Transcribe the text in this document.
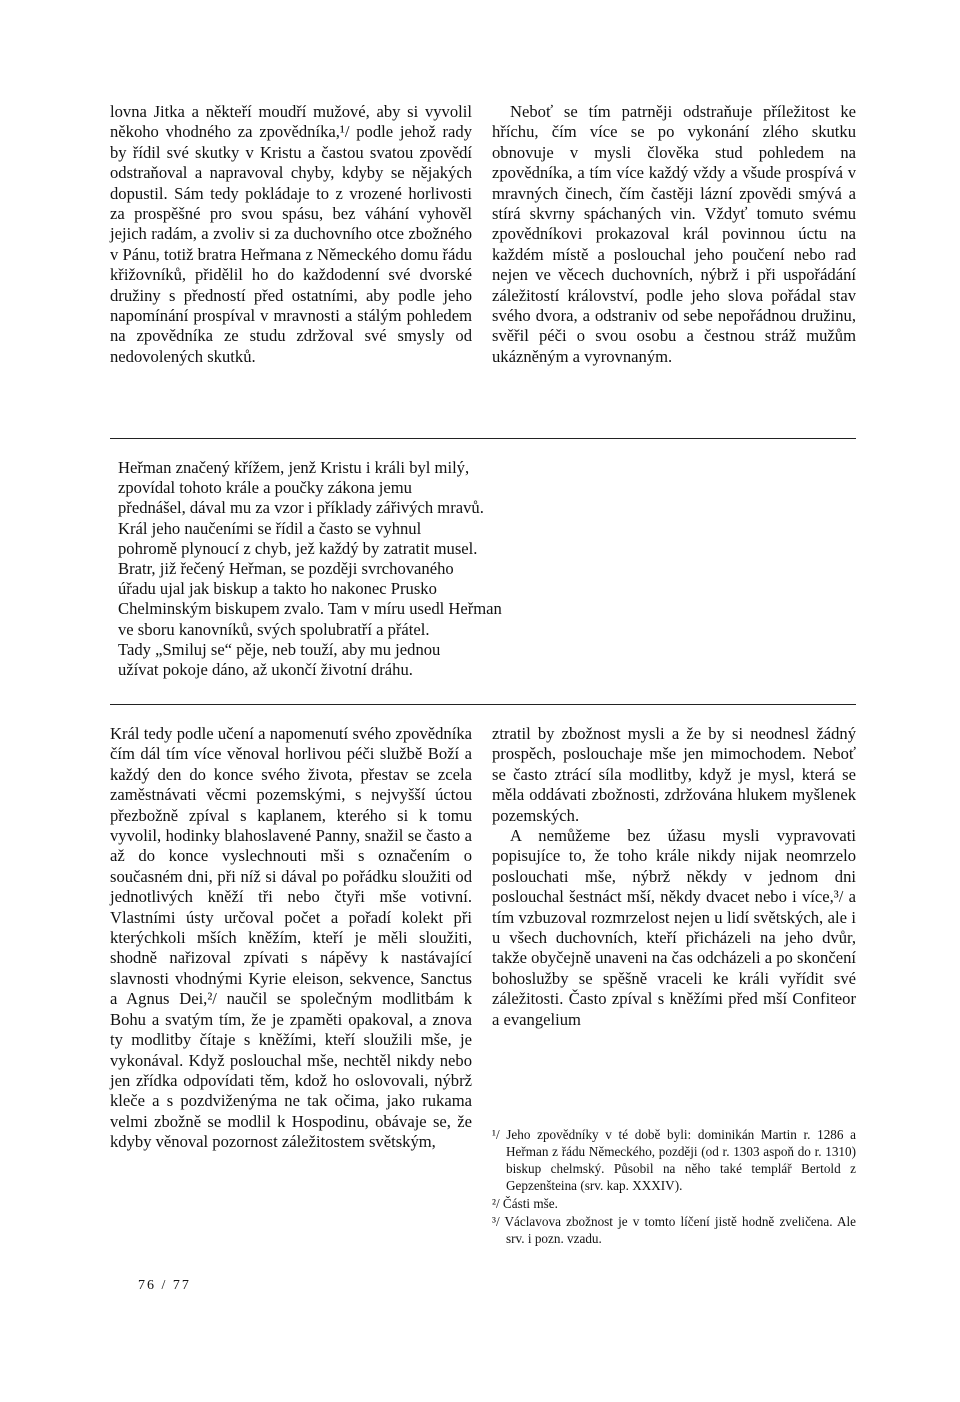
lovna Jitka a někteří moudří mužové, aby si vyvolil někoho vhodného za zpovědníka,¹/ podle jehož rady by řídil své skutky v Kristu a častou svatou zpovědí odstraňoval a napravoval chyby, kdyby se nějakých dopustil. Sám tedy pokládaje to z vrozené horlivosti za prospěšné pro svou spásu, bez váhání vyhověl jejich radám, a zvoliv si za duchovního otce zbožného v Pánu, totiž bratra Heřmana z Německého domu řádu křižovníků, přidělil ho do každodenní své dvorské družiny s předností před ostatními, aby podle jeho napomínání prospíval v mravnosti a stálým pohledem na zpovědníka ze studu zdržoval své smysly od nedovolených skutků.

Neboť se tím patrněji odstraňuje příležitost ke hříchu, čím více se po vykonání zlého skutku obnovuje v mysli člověka stud pohledem na zpovědníka, a tím více každý vždy a všude prospívá v mravných činech, čím častěji lázní zpovědi smývá a stírá skvrny spáchaných vin. Vždyť tomuto svému zpovědníkovi prokazoval král povinnou úctu na každém místě a poslouchal jeho poučení nebo rad nejen ve věcech duchovních, nýbrž i při uspořádání záležitostí království, podle jeho slova pořádal stav svého dvora, a odstraniv od sebe nepořádnou družinu, svěřil péči o svou osobu a čestnou stráž mužům ukázněným a vyrovnaným.

Heřman značený křížem, jenž Kristu i králi byl milý,
zpovídal tohoto krále a poučky zákona jemu
přednášel, dával mu za vzor i příklady zářivých mravů.
Král jeho naučeními se řídil a často se vyhnul
pohromě plynoucí z chyb, jež každý by zatratit musel.
Bratr, již řečený Heřman, se později svrchovaného
úřadu ujal jak biskup a takto ho nakonec Prusko
Chelminským biskupem zvalo. Tam v míru usedl Heřman
ve sboru kanovníků, svých spolubratří a přátel.
Tady „Smiluj se“ pěje, neb touží, aby mu jednou
užívat pokoje dáno, až ukončí životní dráhu.

Král tedy podle učení a napomenutí svého zpovědníka čím dál tím více věnoval horlivou péči službě Boží a každý den do konce svého života, přestav se zcela zaměstnávati věcmi pozemskými, s nejvyšší úctou přezbožně zpíval s kaplanem, kterého si k tomu vyvolil, hodinky blahoslavené Panny, snažil se často a až do konce vyslechnouti mši s označením o současném dni, při níž si dával po pořádku sloužiti od jednotlivých kněží tři nebo čtyři mše votivní. Vlastními ústy určoval počet a pořadí kolekt při kterýchkoli mších kněžím, kteří je měli sloužiti, shodně nařizoval zpívati s nápěvy k nastávající slavnosti vhodnými Kyrie eleison, sekvence, Sanctus a Agnus Dei,²/ naučil se společným modlitbám k Bohu a svatým tím, že je zpaměti opakoval, a znova ty modlitby čítaje s kněžími, kteří sloužili mše, je vykonával. Když poslouchal mše, nechtěl nikdy nebo jen zřídka odpovídati těm, kdož ho oslovovali, nýbrž kleče a s pozdviženýma ne tak očima, jako rukama velmi zbožně se modlil k Hospodinu, obávaje se, že kdyby věnoval pozornost záležitostem světským,

ztratil by zbožnost mysli a že by si neodnesl žádný prospěch, poslouchaje mše jen mimochodem. Neboť se často ztrácí síla modlitby, když je mysl, která se měla oddávati zbožnosti, zdržována hlukem myšlenek pozemských.

A nemůžeme bez úžasu mysli vypravovati popisujíce to, že toho krále nikdy nijak neomrzelo poslouchati mše, nýbrž někdy v jednom dni poslouchal šestnáct mší, někdy dvacet nebo i více,³/ a tím vzbuzoval rozmrzelost nejen u lidí světských, ale i u všech duchovních, kteří přicházeli na jeho dvůr, takže obyčejně unaveni na čas odcházeli a po skončení bohoslužby se spěšně vraceli ke králi vyřídit své záležitosti. Často zpíval s kněžími před mší Confiteor a evangelium

¹/ Jeho zpovědníky v té době byli: dominikán Martin r. 1286 a Heřman z řádu Německého, později (od r. 1303 aspoň do r. 1310) biskup chelmský. Působil na něho také templář Bertold z Gepzenšteina (srv. kap. XXXIV).

²/ Části mše.

³/ Václavova zbožnost je v tomto líčení jistě hodně zveličena. Ale srv. i pozn. vzadu.

76 / 77
